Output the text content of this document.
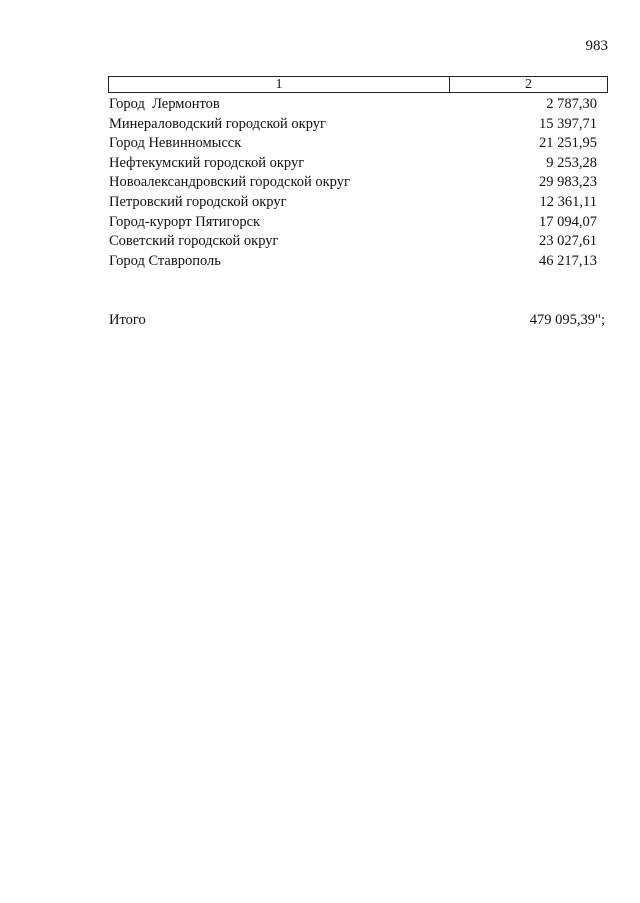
983
1	2
Город  Лермонтов	2 787,30
Минераловодский городской округ	15 397,71
Город Невинномысск	21 251,95
Нефтекумский городской округ	9 253,28
Новоалександровский городской округ	29 983,23
Петровский городской округ	12 361,11
Город-курорт Пятигорск	17 094,07
Советский городской округ	23 027,61
Город Ставрополь	46 217,13
Итого	479 095,39";
